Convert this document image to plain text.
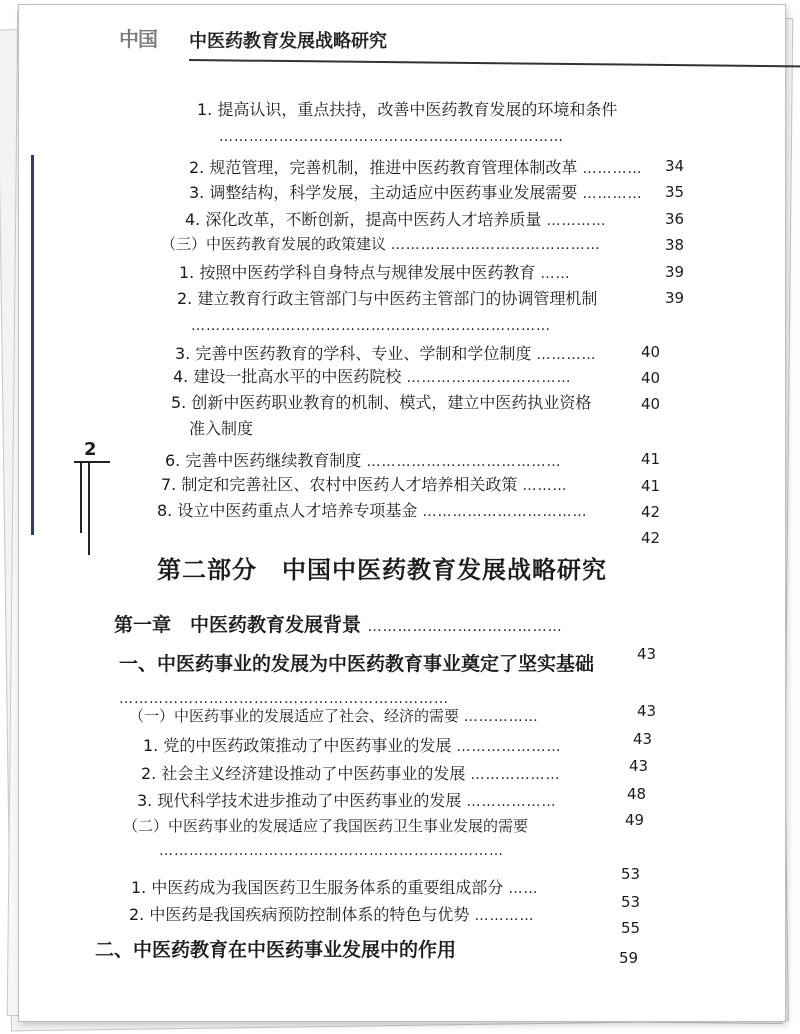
中国 中医药教育发展战略研究
2
1. 提高认识，重点扶持，改善中医药教育发展的环境和条件
……………………………………………………………
34
2. 规范管理，完善机制，推进中医药教育管理体制改革 …………
35
3. 调整结构，科学发展，主动适应中医药事业发展需要 …………
36
4. 深化改革，不断创新，提高中医药人才培养质量 …………
38
（三）中医药教育发展的政策建议 ……………………………………
39
1. 按照中医药学科自身特点与规律发展中医药教育 ……
39
2. 建立教育行政主管部门与中医药主管部门的协调管理机制
………………………………………………………………
40
3. 完善中医药教育的学科、专业、学制和学位制度 …………
40
4. 建设一批高水平的中医药院校 ……………………………
40
5. 创新中医药职业教育的机制、模式，建立中医药执业资格
准入制度
41
6. 完善中医药继续教育制度 …………………………………
41
7. 制定和完善社区、农村中医药人才培养相关政策 ………
42
8. 设立中医药重点人才培养专项基金 ……………………………
42
第二部分　中国中医药教育发展战略研究
第一章　中医药教育发展背景 …………………………………
43
一、中医药事业的发展为中医药教育事业奠定了坚实基础
…………………………………………………………
43
（一）中医药事业的发展适应了社会、经济的需要 ……………
43
1. 党的中医药政策推动了中医药事业的发展 …………………
43
2. 社会主义经济建设推动了中医药事业的发展 ………………
48
3. 现代科学技术进步推动了中医药事业的发展 ………………
49
（二）中医药事业的发展适应了我国医药卫生事业发展的需要
……………………………………………………………
53
1. 中医药成为我国医药卫生服务体系的重要组成部分 ……
53
2. 中医药是我国疾病预防控制体系的特色与优势 …………
55
二、中医药教育在中医药事业发展中的作用	59
